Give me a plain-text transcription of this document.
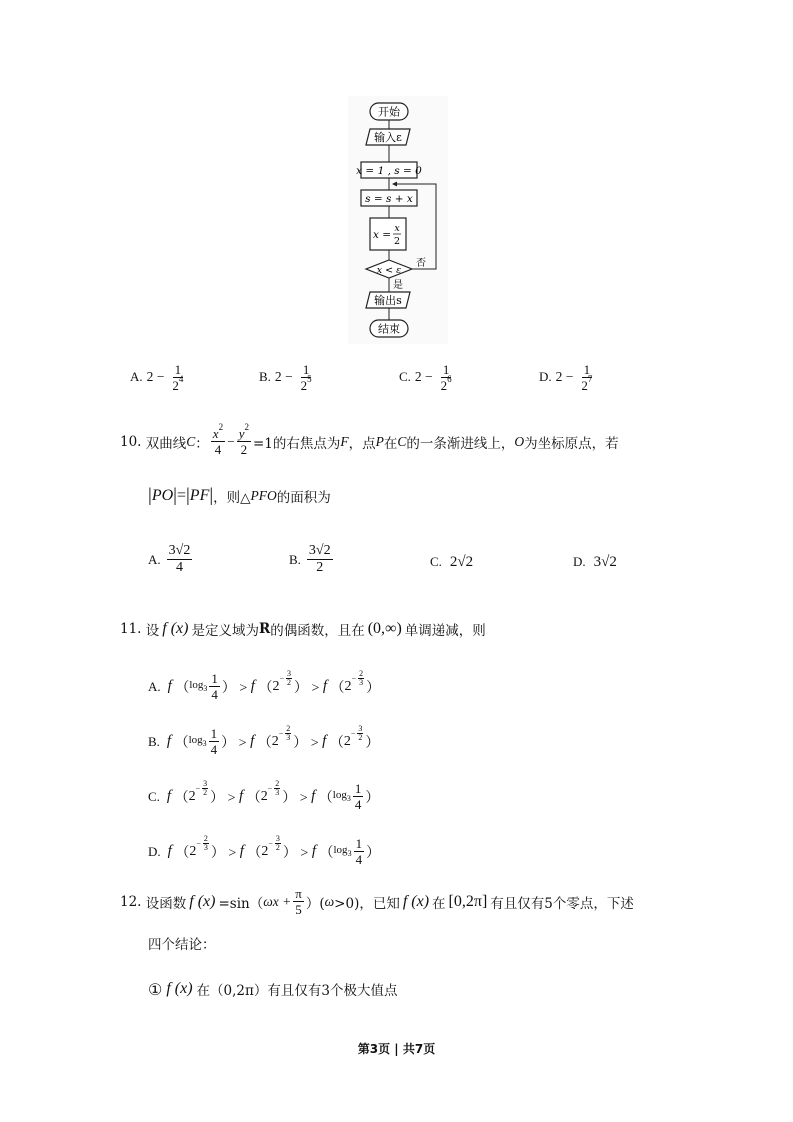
开始
输入ε
x = 1 , s = 0
s = s + x
x =
x
2
x < ε
否
是
输出s
结束
A. $2 - \frac{1}{2^4}$	B. $2 - \frac{1}{2^5}$	C. $2 - \frac{1}{2^6}$	D. $2 - \frac{1}{2^7}$
10.
双曲线 C ： $\frac{x^2}{4} - \frac{y^2}{2} =1$的右焦点为 F ，点 P 在 C 的一条渐进线上， O 为坐标原点，若
| PO | = | PF | ，则△ PFO 的面积为
A.
$\frac{3√2}{4}$	B.
$\frac{3√2}{2}$	C. 2√2	D. 3√2
11.
设 f (x) 是定义域为 R 的偶函数，且在 (0,∞) 单调递减，则
A.
f （ $\log_3 \frac{1}{4}$ ） > f （ $2 - \frac{3}{2}$
） > f （ $2 - \frac{2}{3}$
）
B.
f （ $\log_3 \frac{1}{4}$ ） > f （ $2 - \frac{2}{3}$
） > f （ $2 - \frac{3}{2}$
）
C.
f （ $2 - \frac{3}{2}$
） > f （ $2 - \frac{2}{3}$
） > f （ $\log_3 \frac{1}{4}$ ）
D.
f （ $2 - \frac{2}{3}$
） > f （ $2 - \frac{3}{2}$
） > f （ $\log_3 \frac{1}{4}$ ）
12.
设函数 f (x) =sin（ $\omega x + \frac{\pi}{5}$ ）( ω >0)，已知 f (x) 在 [0,2π] 有且仅有5个零点，下述
四个结论：
① f (x) 在（0,2π）有且仅有3个极大值点
第3页 | 共7页
